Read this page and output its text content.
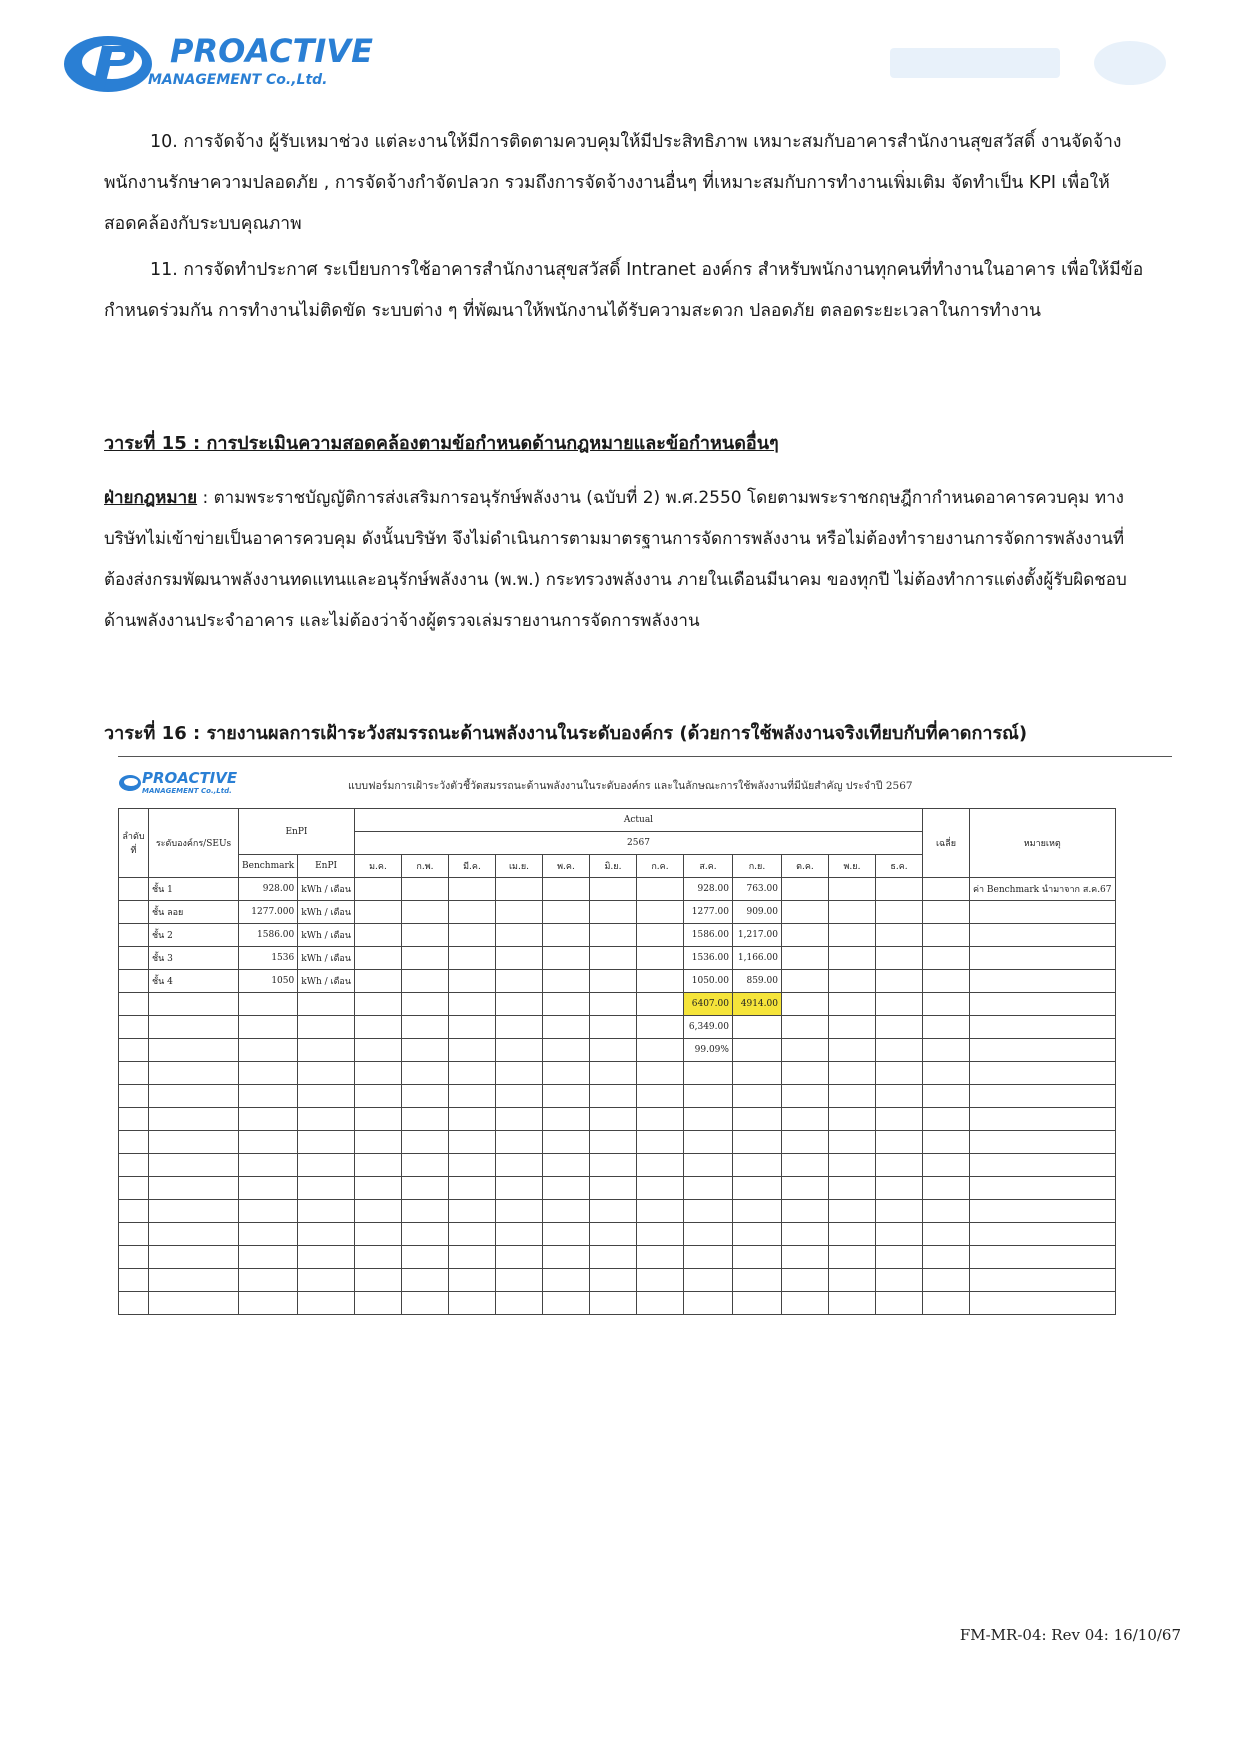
PROACTIVE
MANAGEMENT Co.,Ltd.
10. การจัดจ้าง ผู้รับเหมาช่วง แต่ละงานให้มีการติดตามควบคุมให้มีประสิทธิภาพ เหมาะสมกับอาคารสำนักงานสุขสวัสดิ์ งานจัดจ้างพนักงานรักษาความปลอดภัย , การจัดจ้างกำจัดปลวก รวมถึงการจัดจ้างงานอื่นๆ ที่เหมาะสมกับการทำงานเพิ่มเติม จัดทำเป็น KPI เพื่อให้สอดคล้องกับระบบคุณภาพ
11. การจัดทำประกาศ ระเบียบการใช้อาคารสำนักงานสุขสวัสดิ์ Intranet องค์กร สำหรับพนักงานทุกคนที่ทำงานในอาคาร เพื่อให้มีข้อกำหนดร่วมกัน การทำงานไม่ติดขัด ระบบต่าง ๆ ที่พัฒนาให้พนักงานได้รับความสะดวก ปลอดภัย ตลอดระยะเวลาในการทำงาน
วาระที่ 15 : การประเมินความสอดคล้องตามข้อกำหนดด้านกฎหมายและข้อกำหนดอื่นๆ
ฝ่ายกฎหมาย : ตามพระราชบัญญัติการส่งเสริมการอนุรักษ์พลังงาน (ฉบับที่ 2) พ.ศ.2550 โดยตามพระราชกฤษฎีกากำหนดอาคารควบคุม ทางบริษัทไม่เข้าข่ายเป็นอาคารควบคุม ดังนั้นบริษัท จึงไม่ดำเนินการตามมาตรฐานการจัดการพลังงาน หรือไม่ต้องทำรายงานการจัดการพลังงานที่ต้องส่งกรมพัฒนาพลังงานทดแทนและอนุรักษ์พลังงาน (พ.พ.) กระทรวงพลังงาน ภายในเดือนมีนาคม ของทุกปี ไม่ต้องทำการแต่งตั้งผู้รับผิดชอบด้านพลังงานประจำอาคาร และไม่ต้องว่าจ้างผู้ตรวจเล่มรายงานการจัดการพลังงาน
วาระที่ 16 : รายงานผลการเฝ้าระวังสมรรถนะด้านพลังงานในระดับองค์กร (ด้วยการใช้พลังงานจริงเทียบกับที่คาดการณ์)
PROACTIVE
MANAGEMENT Co.,Ltd.	แบบฟอร์มการเฝ้าระวังตัวชี้วัดสมรรถนะด้านพลังงานในระดับองค์กร และในลักษณะการใช้พลังงานที่มีนัยสำคัญ ประจำปี 2567
ลำดับ ที่	ระดับองค์กร/SEUs	EnPI		Actual												เฉลี่ย	หมายเหตุ
				2567													
		Benchmark	EnPI	ม.ค.	ก.พ.	มี.ค.	เม.ย.	พ.ค.	มิ.ย.	ก.ค.	ส.ค.	ก.ย.	ต.ค.	พ.ย.	ธ.ค.		
	ชั้น 1	928.00	kWh / เดือน								928.00	763.00					ค่า Benchmark นำมาจาก ส.ค.67
	ชั้น ลอย	1277.000	kWh / เดือน								1277.00	909.00					
	ชั้น 2	1586.00	kWh / เดือน								1586.00	1,217.00					
	ชั้น 3	1536	kWh / เดือน								1536.00	1,166.00					
	ชั้น 4	1050	kWh / เดือน								1050.00	859.00					
											6407.00	4914.00					
											6,349.00						
											99.09%						

FM-MR-04: Rev 04: 16/10/67
